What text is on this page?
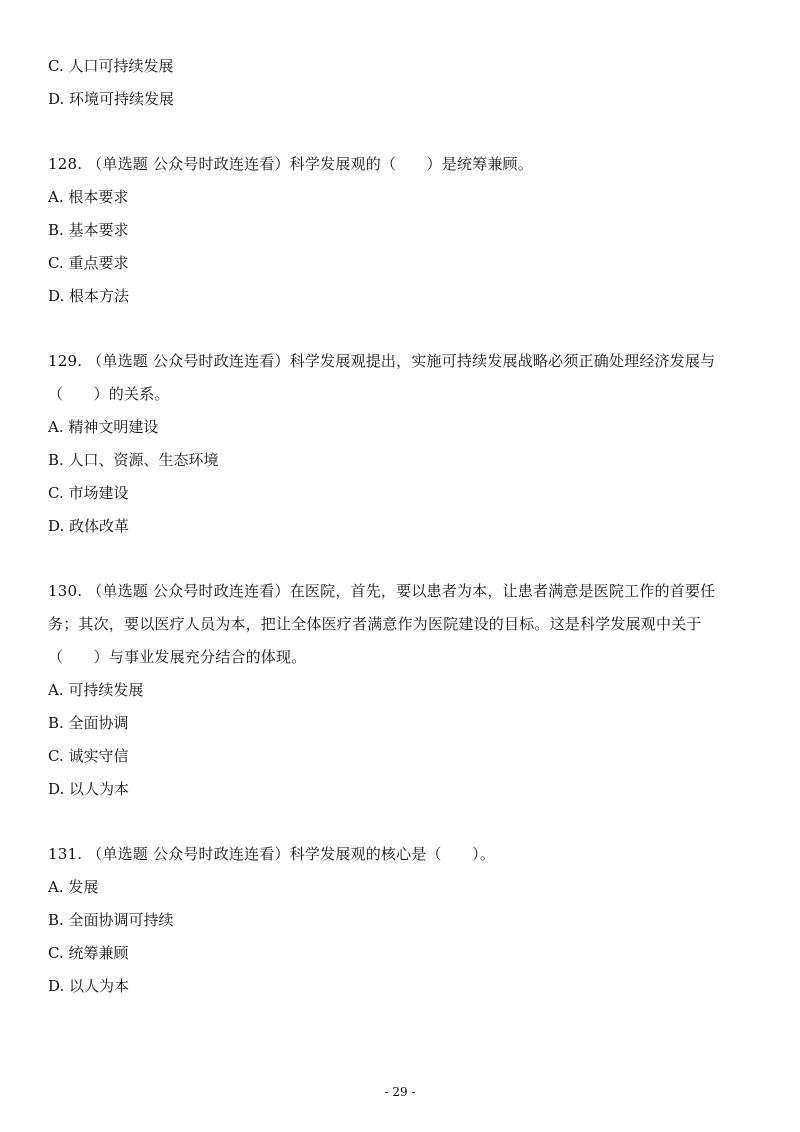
C. 人口可持续发展
D. 环境可持续发展
128. （单选题 公众号时政连连看）科学发展观的（　　）是统筹兼顾。
A. 根本要求
B. 基本要求
C. 重点要求
D. 根本方法
129. （单选题 公众号时政连连看）科学发展观提出，实施可持续发展战略必须正确处理经济发展与
（　　）的关系。
A. 精神文明建设
B. 人口、资源、生态环境
C. 市场建设
D. 政体改革
130. （单选题 公众号时政连连看）在医院，首先，要以患者为本，让患者满意是医院工作的首要任
务；其次，要以医疗人员为本，把让全体医疗者满意作为医院建设的目标。这是科学发展观中关于
（　　）与事业发展充分结合的体现。
A. 可持续发展
B. 全面协调
C. 诚实守信
D. 以人为本
131. （单选题 公众号时政连连看）科学发展观的核心是（　　）。
A. 发展
B. 全面协调可持续
C. 统筹兼顾
D. 以人为本
- 29 -
